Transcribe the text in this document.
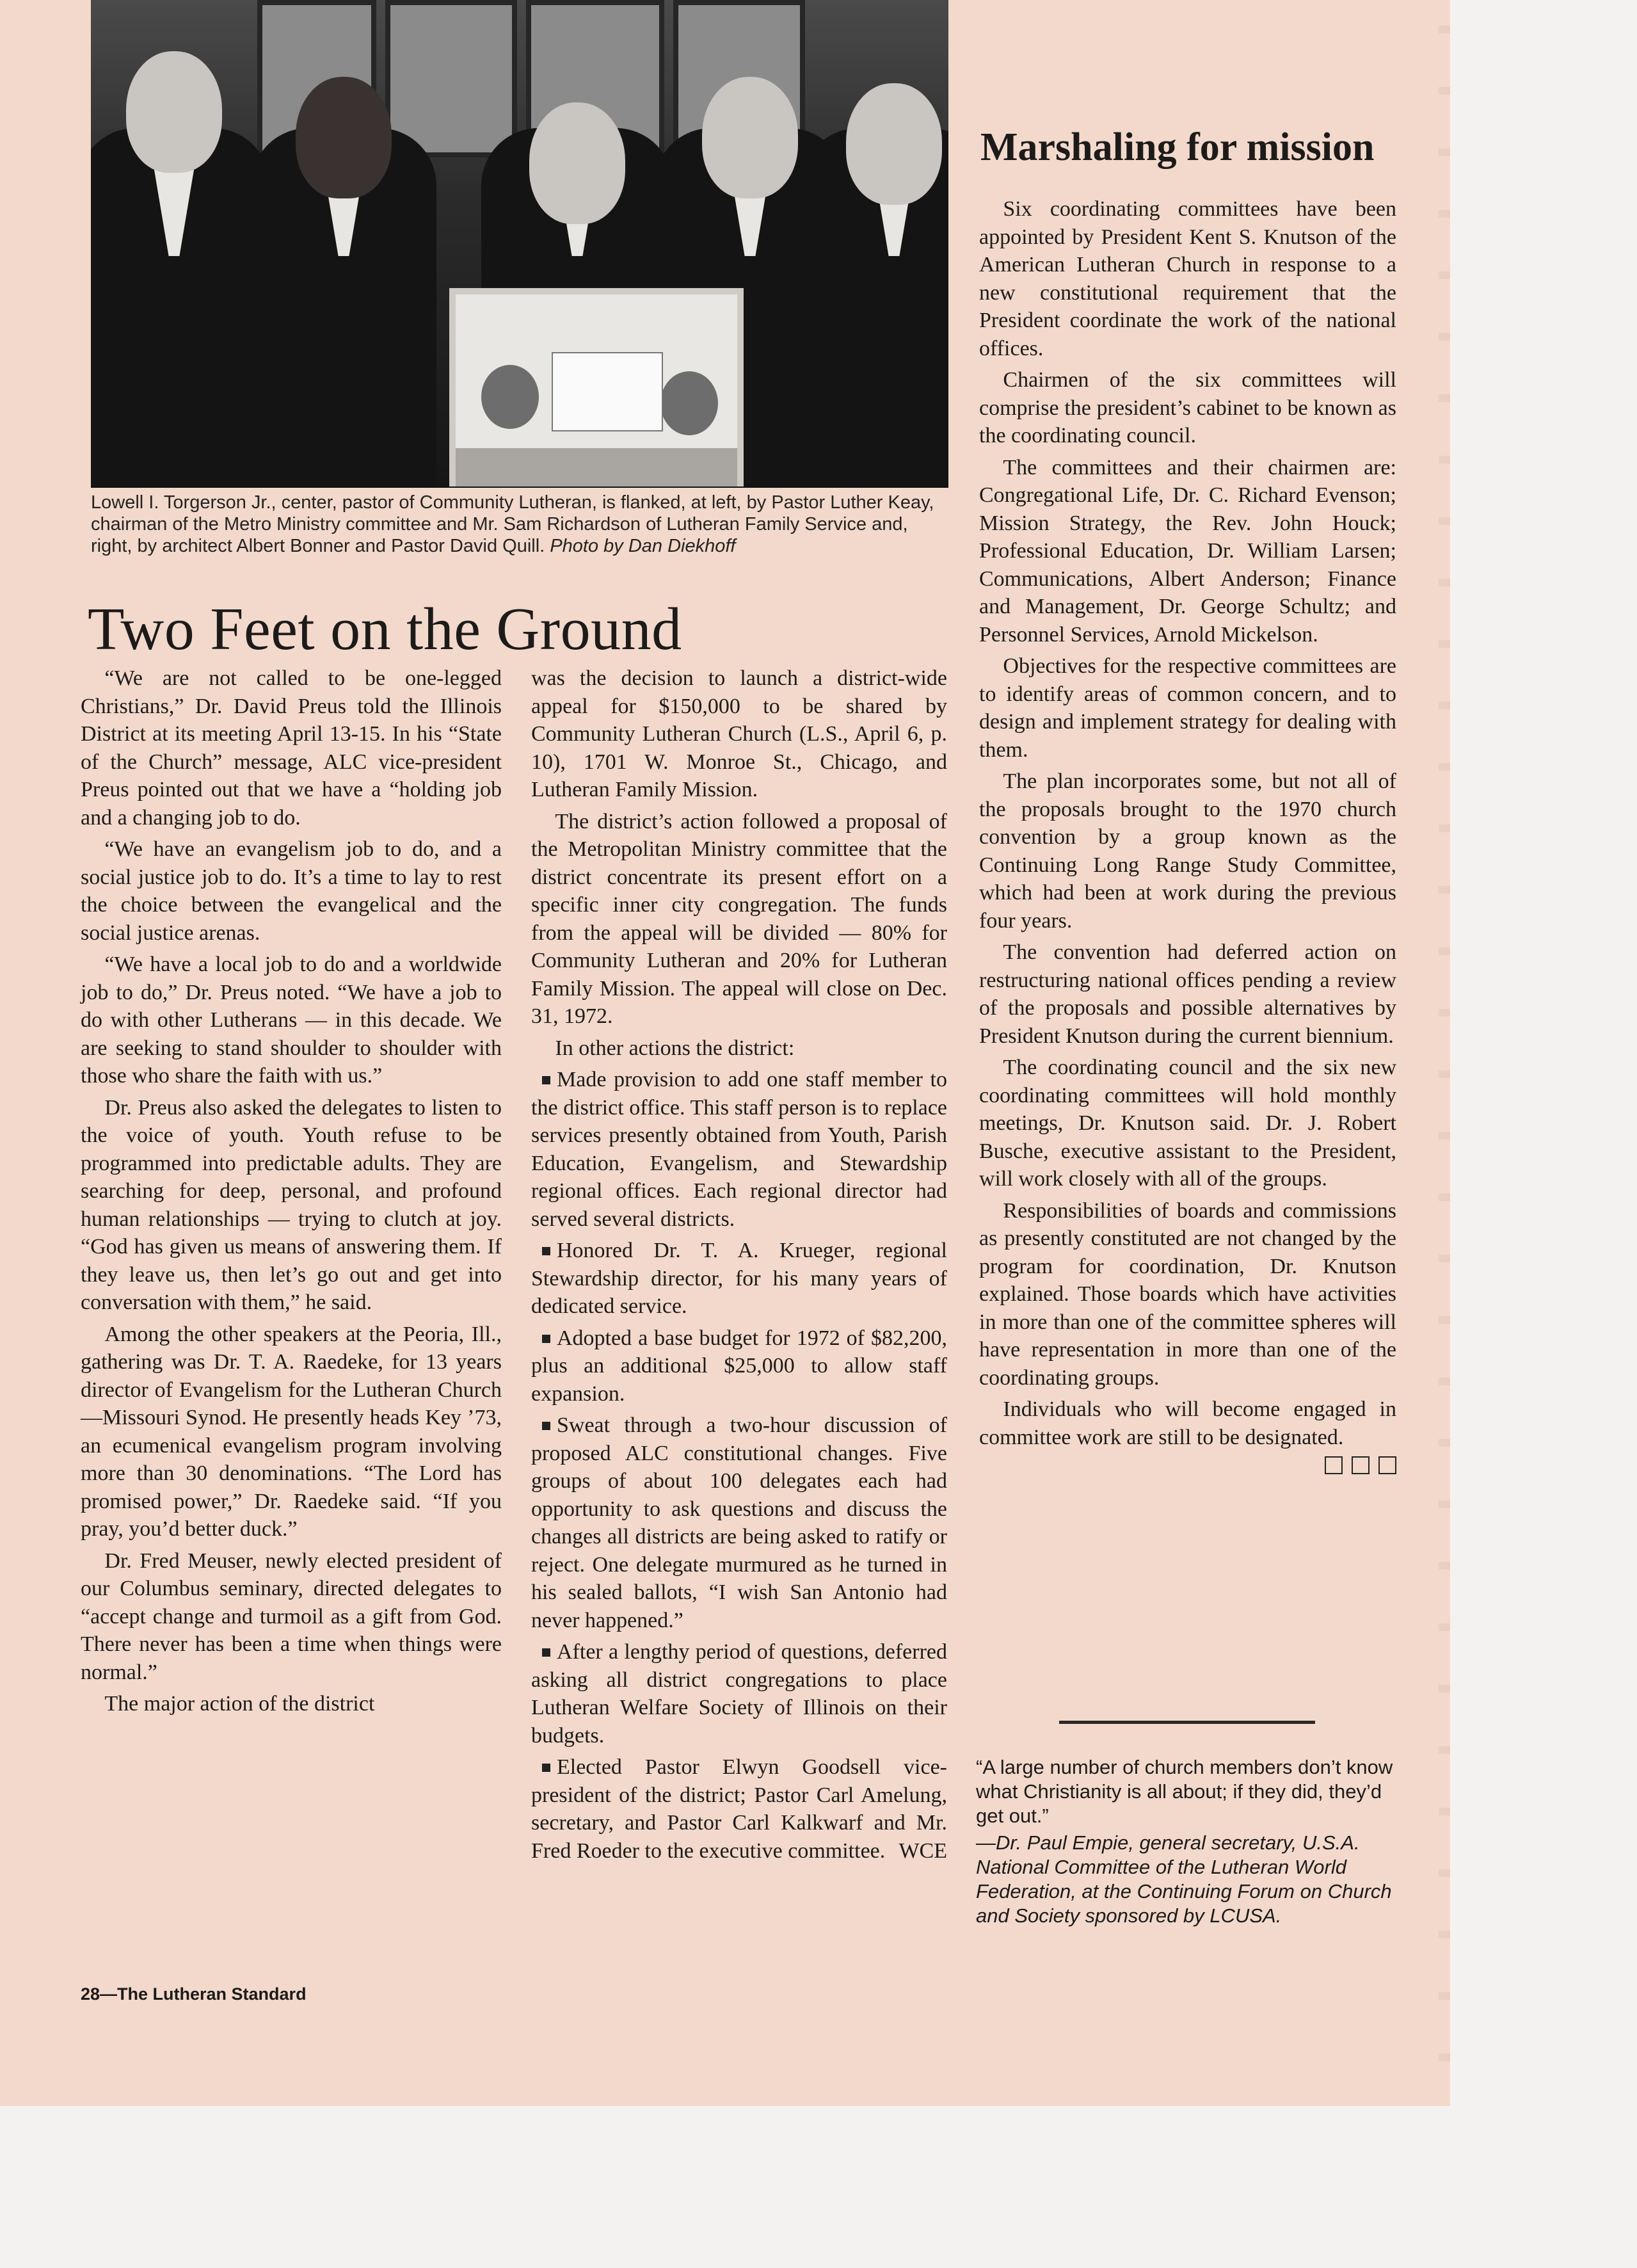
Lowell I. Torgerson Jr., center, pastor of Community Lutheran, is flanked, at left, by Pastor Luther Keay, chairman of the Metro Ministry committee and Mr. Sam Richardson of Lutheran Family Service and, right, by architect Albert Bonner and Pastor David Quill. Photo by Dan Diekhoff

Two Feet on the Ground

“We are not called to be one-legged Christians,” Dr. David Preus told the Illinois District at its meeting April 13-15. In his “State of the Church” message, ALC vice-president Preus pointed out that we have a “holding job and a changing job to do.

“We have an evangelism job to do, and a social justice job to do. It’s a time to lay to rest the choice between the evangelical and the social justice arenas.

“We have a local job to do and a worldwide job to do,” Dr. Preus noted. “We have a job to do with other Lutherans — in this decade. We are seeking to stand shoulder to shoulder with those who share the faith with us.”

Dr. Preus also asked the delegates to listen to the voice of youth. Youth refuse to be programmed into predictable adults. They are searching for deep, personal, and profound human relationships — trying to clutch at joy. “God has given us means of answering them. If they leave us, then let’s go out and get into conversation with them,” he said.

Among the other speakers at the Peoria, Ill., gathering was Dr. T. A. Raedeke, for 13 years director of Evangelism for the Lutheran Church —Missouri Synod. He presently heads Key ’73, an ecumenical evangelism program involving more than 30 denominations. “The Lord has promised power,” Dr. Raedeke said. “If you pray, you’d better duck.”

Dr. Fred Meuser, newly elected president of our Columbus seminary, directed delegates to “accept change and turmoil as a gift from God. There never has been a time when things were normal.”

The major action of the district

was the decision to launch a district-wide appeal for $150,000 to be shared by Community Lutheran Church (L.S., April 6, p. 10), 1701 W. Monroe St., Chicago, and Lutheran Family Mission.

The district’s action followed a proposal of the Metropolitan Ministry committee that the district concentrate its present effort on a specific inner city congregation. The funds from the appeal will be divided — 80% for Community Lutheran and 20% for Lutheran Family Mission. The appeal will close on Dec. 31, 1972.

In other actions the district:

Made provision to add one staff member to the district office. This staff person is to replace services presently obtained from Youth, Parish Education, Evangelism, and Stewardship regional offices. Each regional director had served several districts.

Honored Dr. T. A. Krueger, regional Stewardship director, for his many years of dedicated service.

Adopted a base budget for 1972 of $82,200, plus an additional $25,000 to allow staff expansion.

Sweat through a two-hour discussion of proposed ALC constitutional changes. Five groups of about 100 delegates each had opportunity to ask questions and discuss the changes all districts are being asked to ratify or reject. One delegate murmured as he turned in his sealed ballots, “I wish San Antonio had never happened.”

After a lengthy period of questions, deferred asking all district congregations to place Lutheran Welfare Society of Illinois on their budgets.

Elected Pastor Elwyn Goodsell vice-president of the district; Pastor Carl Amelung, secretary, and Pastor Carl Kalkwarf and Mr. Fred Roeder to the executive committee. WCE

Marshaling for mission

Six coordinating committees have been appointed by President Kent S. Knutson of the American Lutheran Church in response to a new constitutional requirement that the President coordinate the work of the national offices.

Chairmen of the six committees will comprise the president’s cabinet to be known as the coordinating council.

The committees and their chairmen are: Congregational Life, Dr. C. Richard Evenson; Mission Strategy, the Rev. John Houck; Professional Education, Dr. William Larsen; Communications, Albert Anderson; Finance and Management, Dr. George Schultz; and Personnel Services, Arnold Mickelson.

Objectives for the respective committees are to identify areas of common concern, and to design and implement strategy for dealing with them.

The plan incorporates some, but not all of the proposals brought to the 1970 church convention by a group known as the Continuing Long Range Study Committee, which had been at work during the previous four years.

The convention had deferred action on restructuring national offices pending a review of the proposals and possible alternatives by President Knutson during the current biennium.

The coordinating council and the six new coordinating committees will hold monthly meetings, Dr. Knutson said. Dr. J. Robert Busche, executive assistant to the President, will work closely with all of the groups.

Responsibilities of boards and commissions as presently constituted are not changed by the program for coordination, Dr. Knutson explained. Those boards which have activities in more than one of the committee spheres will have representation in more than one of the coordinating groups.

Individuals who will become engaged in committee work are still to be designated.

“A large number of church members don’t know what Christianity is all about; if they did, they’d get out.”

—Dr. Paul Empie, general secretary, U.S.A. National Committee of the Lutheran World Federation, at the Continuing Forum on Church and Society sponsored by LCUSA.

28—The Lutheran Standard
